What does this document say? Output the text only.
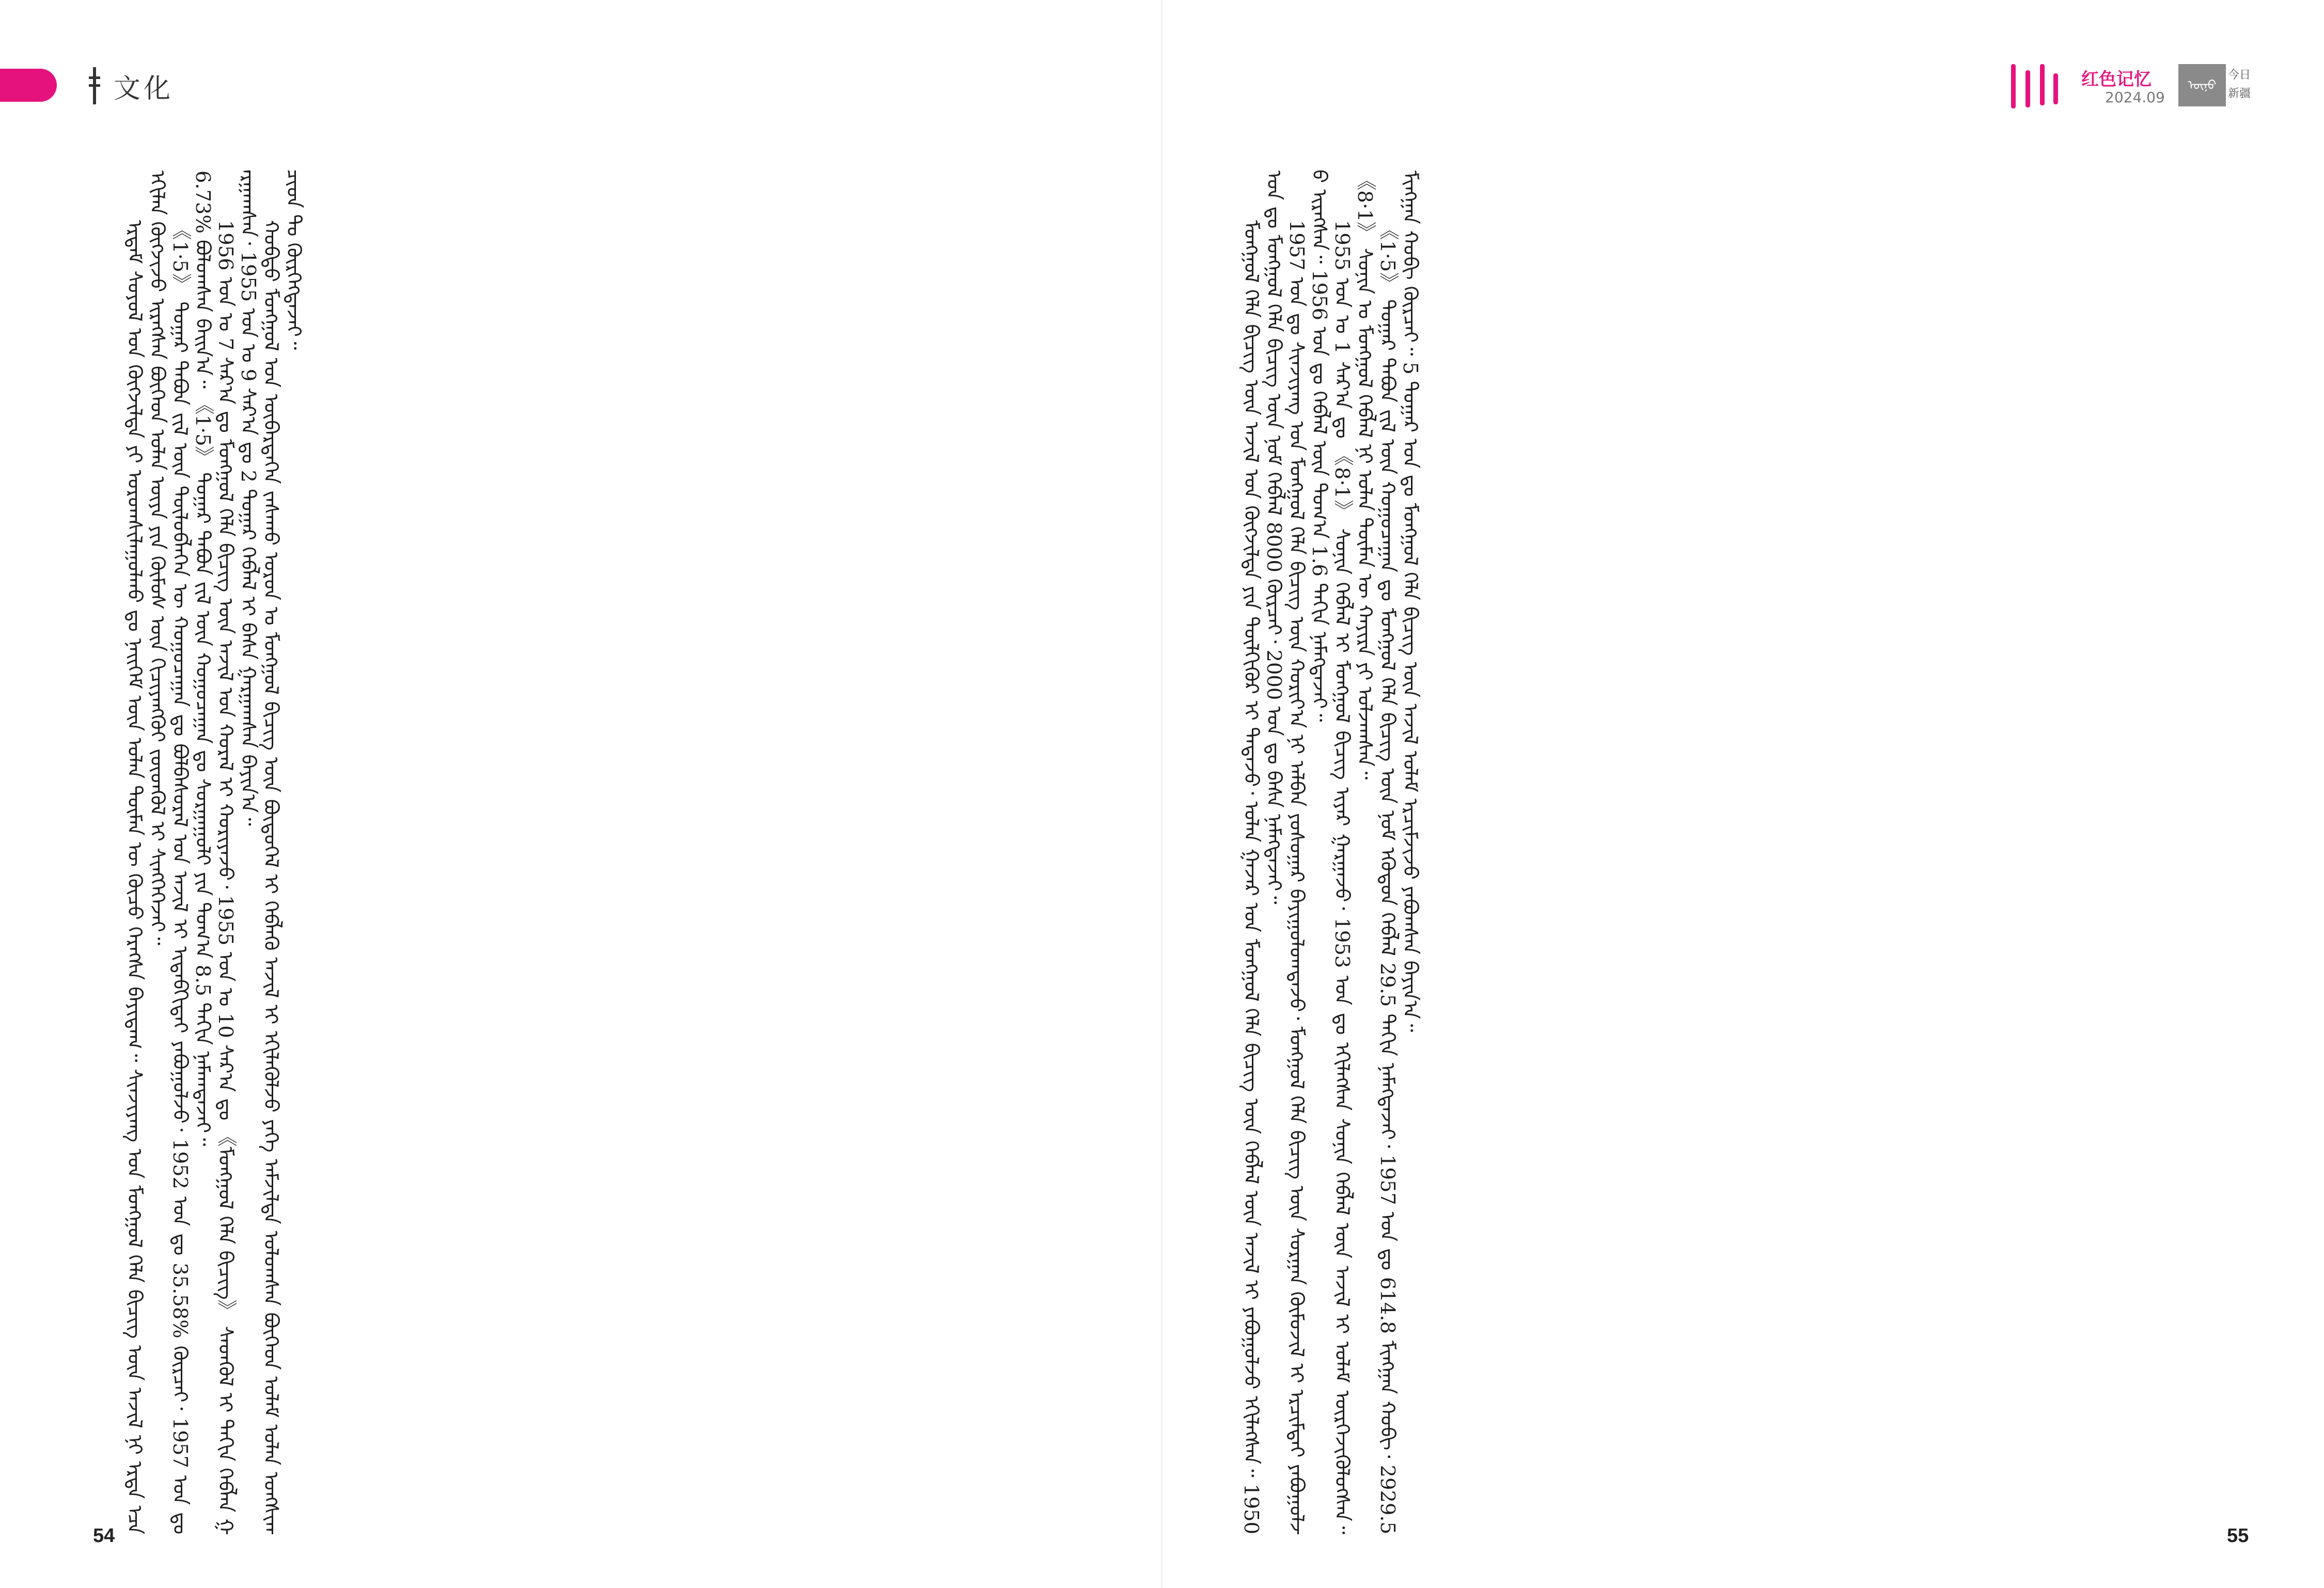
文化	红色记忆
2024.09
ᠥᠨᠥ
今日
新疆

ᠡᠷᠳᠡᠮ ᠰᠣᠶᠤᠯ ᠤᠨ ᠬᠥᠭᠵᠢᠯᠲᠡ ᠶᠢ ᠤᠷᠤᠭᠰᠢᠯᠠᠭᠤᠯᠬᠤ ᠳᠤ ᠨᠡᠢᠭᠡᠮ ᠦᠨ ᠣᠯᠠᠨ ᠲᠦᠮᠡᠨ ᠦ ᠬᠦᠴᠦ ᠬᠡᠷᠡᠭᠰᠡ ᠪᠠᠶᠢᠳᠠᠭ᠃ ᠰᠢᠨᠵᠢᠶᠠᠩ ᠤᠨ ᠮᠣᠩᠭᠣᠯ ᠬᠡᠯᠡ ᠪᠢᠴᠢᠭ ᠦᠨ ᠠᠵᠢᠯ ᠨᠢ ᠡᠷᠲᠡ ᠡᠴᠡ ᠡᠬᠢᠯᠡᠨ ᠬᠥᠭᠵᠢᠵᠦ ᠢᠷᠡᠭᠰᠡᠨ ᠪᠥᠭᠡᠳ ᠣᠯᠠᠨ ᠦᠶᠡ ᠶᠢᠨ ᠬᠦᠮᠦᠰ ᠦᠨ ᠬᠢᠴᠢᠶᠡᠩᠭᠦᠢ ᠵᠦᠳᠬᠦᠯ ᠢ ᠰᠢᠩᠭᠡᠭᠡᠵᠡᠢ᠃ 《1·5》 ᠳᠤᠭᠠᠷ ᠲᠠᠪᠤᠨ ᠵᠢᠯ ᠦᠨ ᠲᠥᠯᠥᠪᠯᠡᠭᠡᠨ ᠦ ᠬᠤᠭᠤᠴᠠᠭᠠᠨ ᠳᠤ ᠪᠣᠯᠪᠠᠰᠤᠷᠠᠯ ᠤᠨ ᠠᠵᠢᠯ ᠢ ᠢᠳᠡᠪᠬᠢᠲᠡᠢ ᠶᠠᠪᠤᠭᠤᠯᠵᠤ᠂ 1952 ᠣᠨ ᠳᠤ 35.58% ᠬᠦᠷᠴᠡᠢ᠂ 1957 ᠣᠨ ᠳᠤ 6.73% ᠪᠣᠯᠤᠭᠰᠠᠨ ᠪᠠᠢᠨ᠎ᠠ᠃ 《1·5》 ᠳᠤᠭᠠᠷ ᠲᠠᠪᠤᠨ ᠵᠢᠯ ᠦᠨ ᠬᠤᠭᠤᠴᠠᠭᠠᠨ ᠳᠤ ᠰᠤᠷᠭᠠᠭᠤᠯᠢ ᠶᠢᠨ ᠲᠣᠭ᠎ᠠ 8.5 ᠳᠠᠬᠢᠨ ᠨᠡᠮᠡᠭ᠍ᠳᠡᠵᠡᠢ᠃ 1956 ᠣᠨ ᠤ 7 ᠰᠠᠷ᠎ᠠ ᠳᠤ ᠮᠣᠩᠭᠣᠯ ᠬᠡᠯᠡ ᠪᠢᠴᠢᠭ ᠦᠨ ᠠᠵᠢᠯ ᠤᠨ ᠬᠤᠷᠠᠯ ᠢ ᠬᠤᠷᠢᠶᠠᠵᠤ᠂ 1955 ᠣᠨ ᠤ 10 ᠰᠠᠷ᠎ᠠ ᠳᠤ 《ᠮᠣᠩᠭᠣᠯ ᠬᠡᠯᠡ ᠪᠢᠴᠢᠭ》 ᠰᠡᠳᠬᠦᠯ ᠢ ᠳᠠᠬᠢᠨ ᠬᠡᠪᠯᠡᠨ ᠭᠠᠷᠭᠠᠭᠰᠠᠨ᠂ 1955 ᠣᠨ ᠤ 9 ᠰᠠᠷ᠎ᠠ ᠳᠤ 2 ᠳᠤᠭᠠᠷ ᠬᠡᠪᠯᠡᠯ ᠢ ᠪᠠᠰᠠ ᠭᠠᠷᠭᠠᠭᠰᠠᠨ ᠪᠠᠶᠢᠨ᠎ᠠ᠃ ᠬᠣᠪᠳᠤ ᠮᠣᠩᠭᠣᠯ ᠤᠨ ᠥᠪᠡᠷᠲᠡᠭᠡᠨ ᠵᠠᠰᠠᠬᠤ ᠣᠷᠤᠨ ᠤ ᠮᠣᠩᠭᠣᠯ ᠪᠢᠴᠢᠭ ᠦᠨ ᠪᠦᠲᠦᠭᠡᠯ ᠢ ᠬᠡᠪᠯᠡᠬᠦ ᠠᠵᠢᠯ ᠢ ᠡᠬᠢᠯᠡᠭᠦᠯᠵᠦ ᠶᠡᠬᠡ ᠠᠮᠵᠢᠯᠲᠠ ᠤᠯᠤᠭᠰᠠᠨ ᠪᠥᠭᠡᠳ ᠤᠯᠠᠮ ᠣᠯᠠᠨ ᠤᠩᠰᠢᠭᠴᠢᠳ ᠲᠤ ᠬᠦᠷᠭᠡᠭᠳᠡᠵᠡᠢ᠃	ᠮᠣᠩᠭᠣᠯ ᠬᠡᠯᠡ ᠪᠢᠴᠢᠭ ᠦᠨ ᠠᠵᠢᠯ ᠤᠨ ᠬᠥᠭᠵᠢᠯᠲᠡ ᠶᠢᠨ ᠲᠦᠯᠬᠢᠭᠦᠷ ᠢ ᠲᠠᠲᠠᠵᠤ᠂ ᠣᠯᠠᠨ ᠭᠠᠵᠠᠷ ᠤᠨ ᠮᠣᠩᠭᠣᠯ ᠬᠡᠯᠡ ᠪᠢᠴᠢᠭ ᠦᠨ ᠬᠡᠪᠯᠡᠯ ᠦᠨ ᠠᠵᠢᠯ ᠢ ᠶᠠᠪᠤᠭᠤᠯᠵᠤ ᠡᠬᠢᠯᠡᠭᠰᠡᠨ᠃ 1950 ᠣᠨ ᠳᠤ ᠮᠣᠩᠭᠣᠯ ᠬᠡᠯᠡ ᠪᠢᠴᠢᠭ ᠦᠨ ᠨᠣᠮ ᠬᠡᠪᠯᠡᠯ 8000 ᠬᠦᠷᠴᠡᠢ᠂ 2000 ᠣᠨ ᠳᠤ ᠪᠠᠰᠠ ᠨᠡᠮᠡᠭᠳᠡᠵᠡᠢ᠃ 1957 ᠣᠨ ᠳᠤ ᠰᠢᠨᠵᠢᠶᠠᠩ ᠤᠨ ᠮᠣᠩᠭᠣᠯ ᠬᠡᠯᠡ ᠪᠢᠴᠢᠭ ᠦᠨ ᠬᠣᠷᠢᠶ᠎ᠠ ᠨᠢ ᠠᠯᠪᠠᠨ ᠶᠣᠰᠣᠭᠠᠷ ᠪᠠᠶᠢᠭᠤᠯᠤᠭᠳᠠᠵᠤ᠂ ᠮᠣᠩᠭᠣᠯ ᠬᠡᠯᠡ ᠪᠢᠴᠢᠭ ᠦᠨ ᠰᠤᠷᠭᠠᠨ ᠬᠦᠮᠦᠵᠢᠯ ᠢ ᠡᠷᠴᠢᠮᠲᠡᠢ ᠶᠠᠪᠤᠭᠤᠯᠵᠤ ᠢᠷᠡᠭᠰᠡᠨ᠃ 1956 ᠣᠨ ᠳᠤ ᠬᠡᠪᠯᠡᠯ ᠦᠨ ᠲᠣᠭ᠎ᠠ 1.6 ᠳᠠᠬᠢᠨ ᠨᠡᠮᠡᠭᠳᠡᠵᠡᠢ᠃ 1955 ᠣᠨ ᠤ 1 ᠰᠠᠷ᠎ᠠ ᠳᠤ 《8·1》 ᠰᠣᠨᠢᠨ ᠬᠡᠪᠯᠡᠯ ᠢ ᠮᠣᠩᠭᠣᠯ ᠪᠢᠴᠢᠭ ᠢᠶᠡᠷ ᠭᠠᠷᠭᠠᠵᠤ᠂ 1953 ᠣᠨ ᠳᠤ ᠡᠬᠢᠯᠡᠭᠰᠡᠨ ᠰᠣᠨᠢᠨ ᠬᠡᠪᠯᠡᠯ ᠦᠨ ᠠᠵᠢᠯ ᠢ ᠤᠯᠠᠮ ᠥᠷᠭᠡᠵᠢᠭᠦᠯᠦᠭᠰᠡᠨ᠃ 《8·1》 ᠰᠣᠨᠢᠨ ᠤ ᠮᠣᠩᠭᠣᠯ ᠬᠡᠪᠯᠡᠯ ᠨᠢ ᠣᠯᠠᠨ ᠲᠦᠮᠡᠨ ᠦ ᠬᠠᠶᠢᠷᠠ ᠶᠢ ᠣᠯᠵᠠᠭᠰᠠᠨ᠃ 《1·5》 ᠳᠤᠭᠠᠷ ᠲᠠᠪᠤᠨ ᠵᠢᠯ ᠦᠨ ᠬᠤᠭᠤᠴᠠᠭᠠᠨ ᠳᠤ ᠮᠣᠩᠭᠣᠯ ᠬᠡᠯᠡ ᠪᠢᠴᠢᠭ ᠦᠨ ᠨᠣᠮ ᠡᠭᠦᠳᠦᠨ ᠬᠡᠪᠯᠡᠯ 29.5 ᠳᠠᠬᠢᠨ ᠨᠡᠮᠡᠭᠳᠡᠵᠡᠢ᠂ 1957 ᠣᠨ ᠳᠤ 614.8 ᠮᠢᠩᠭᠠᠨ ᠬᠤᠪᠢ᠂ 2929.5 ᠮᠢᠩᠭᠠᠨ ᠬᠤᠪᠢ ᠬᠦᠷᠴᠡᠢ᠃ 5 ᠳᠤᠭᠠᠷ ᠣᠨ ᠳᠤ ᠮᠣᠩᠭᠣᠯ ᠬᠡᠯᠡ ᠪᠢᠴᠢᠭ ᠦᠨ ᠠᠵᠢᠯ ᠤᠯᠠᠮ ᠡᠷᠴᠢᠮᠵᠢᠵᠦ ᠶᠠᠪᠤᠭᠰᠠᠨ ᠪᠠᠶᠢᠨ᠎ᠠ᠃

54	55
